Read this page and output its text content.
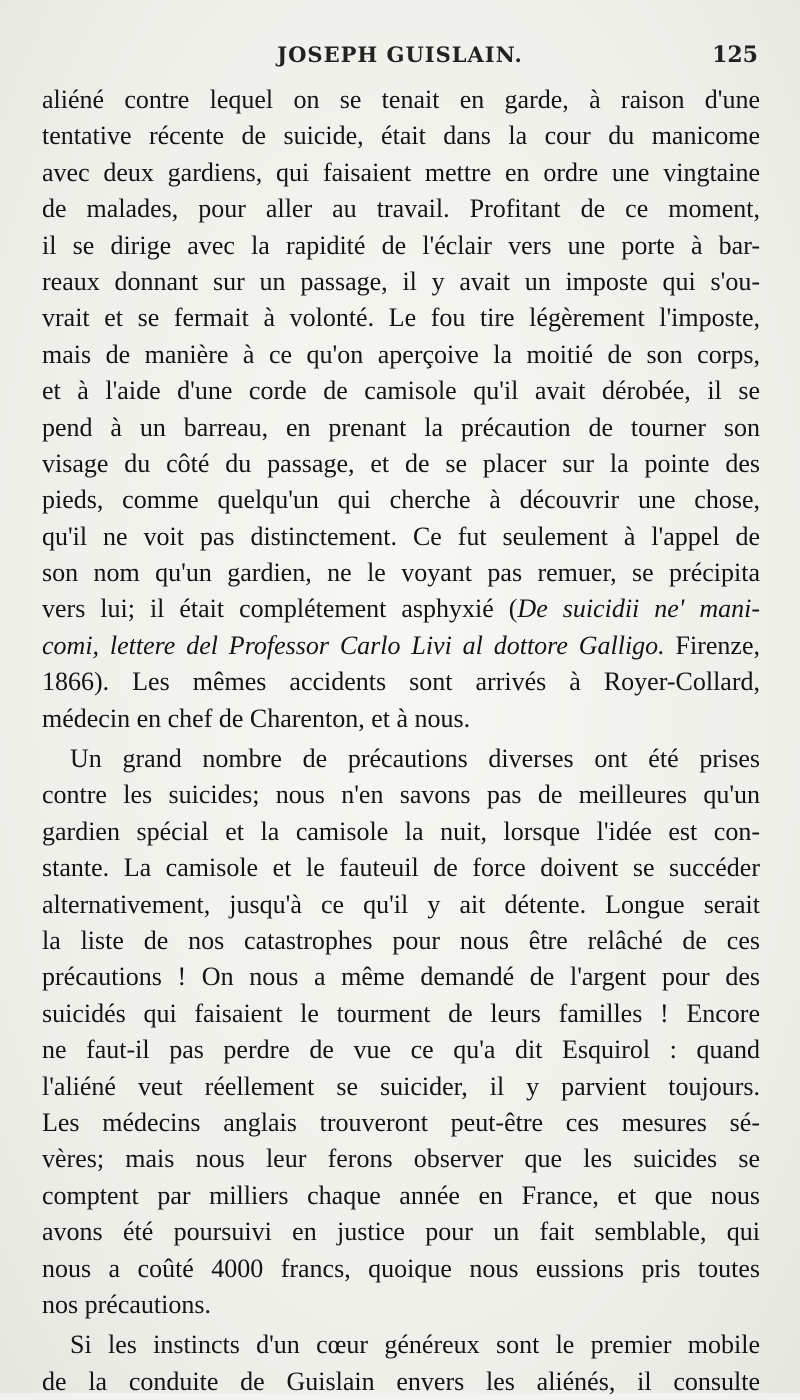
JOSEPH GUISLAIN.	125
aliéné contre lequel on se tenait en garde, à raison d'une
tentative récente de suicide, était dans la cour du manicome
avec deux gardiens, qui faisaient mettre en ordre une vingtaine
de malades, pour aller au travail. Profitant de ce moment,
il se dirige avec la rapidité de l'éclair vers une porte à bar-
reaux donnant sur un passage, il y avait un imposte qui s'ou-
vrait et se fermait à volonté. Le fou tire légèrement l'imposte,
mais de manière à ce qu'on aperçoive la moitié de son corps,
et à l'aide d'une corde de camisole qu'il avait dérobée, il se
pend à un barreau, en prenant la précaution de tourner son
visage du côté du passage, et de se placer sur la pointe des
pieds, comme quelqu'un qui cherche à découvrir une chose,
qu'il ne voit pas distinctement. Ce fut seulement à l'appel de
son nom qu'un gardien, ne le voyant pas remuer, se précipita
vers lui; il était complétement asphyxié (De suicidii ne' mani-
comi, lettere del Professor Carlo Livi al dottore Galligo. Firenze,
1866). Les mêmes accidents sont arrivés à Royer-Collard,
médecin en chef de Charenton, et à nous.
Un grand nombre de précautions diverses ont été prises
contre les suicides; nous n'en savons pas de meilleures qu'un
gardien spécial et la camisole la nuit, lorsque l'idée est con-
stante. La camisole et le fauteuil de force doivent se succéder
alternativement, jusqu'à ce qu'il y ait détente. Longue serait
la liste de nos catastrophes pour nous être relâché de ces
précautions ! On nous a même demandé de l'argent pour des
suicidés qui faisaient le tourment de leurs familles ! Encore
ne faut-il pas perdre de vue ce qu'a dit Esquirol : quand
l'aliéné veut réellement se suicider, il y parvient toujours.
Les médecins anglais trouveront peut-être ces mesures sé-
vères; mais nous leur ferons observer que les suicides se
comptent par milliers chaque année en France, et que nous
avons été poursuivi en justice pour un fait semblable, qui
nous a coûté 4000 francs, quoique nous eussions pris toutes
nos précautions.
Si les instincts d'un cœur généreux sont le premier mobile
de la conduite de Guislain envers les aliénés, il consulte
